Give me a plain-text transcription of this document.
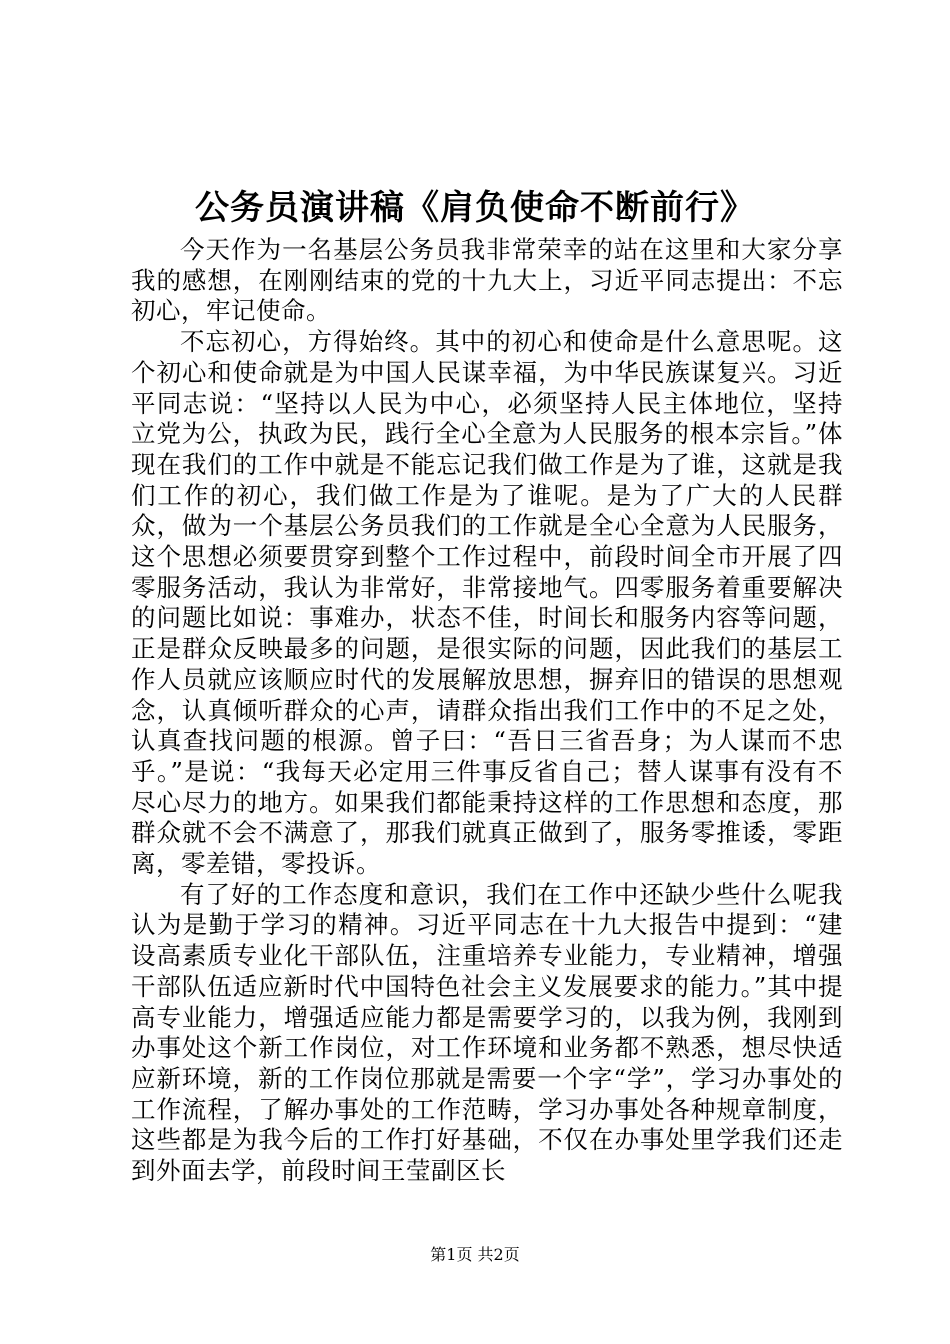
公务员演讲稿《肩负使命不断前行》

今天作为一名基层公务员我非常荣幸的站在这里和大家分享我的感想，在刚刚结束的党的十九大上，习近平同志提出：不忘初心，牢记使命。

不忘初心，方得始终。其中的初心和使命是什么意思呢。这个初心和使命就是为中国人民谋幸福，为中华民族谋复兴。习近平同志说：“坚持以人民为中心，必须坚持人民主体地位，坚持立党为公，执政为民，践行全心全意为人民服务的根本宗旨。”体现在我们的工作中就是不能忘记我们做工作是为了谁，这就是我们工作的初心，我们做工作是为了谁呢。是为了广大的人民群众，做为一个基层公务员我们的工作就是全心全意为人民服务，这个思想必须要贯穿到整个工作过程中，前段时间全市开展了四零服务活动，我认为非常好，非常接地气。四零服务着重要解决的问题比如说：事难办，状态不佳，时间长和服务内容等问题，正是群众反映最多的问题，是很实际的问题，因此我们的基层工作人员就应该顺应时代的发展解放思想，摒弃旧的错误的思想观念，认真倾听群众的心声，请群众指出我们工作中的不足之处，认真查找问题的根源。曾子曰：“吾日三省吾身；为人谋而不忠乎。”是说：“我每天必定用三件事反省自己；替人谋事有没有不尽心尽力的地方。如果我们都能秉持这样的工作思想和态度，那群众就不会不满意了，那我们就真正做到了，服务零推诿，零距离，零差错，零投诉。

有了好的工作态度和意识，我们在工作中还缺少些什么呢我认为是勤于学习的精神。习近平同志在十九大报告中提到：“建设高素质专业化干部队伍，注重培养专业能力，专业精神，增强干部队伍适应新时代中国特色社会主义发展要求的能力。”其中提高专业能力，增强适应能力都是需要学习的，以我为例，我刚到办事处这个新工作岗位，对工作环境和业务都不熟悉，想尽快适应新环境，新的工作岗位那就是需要一个字“学”，学习办事处的工作流程，了解办事处的工作范畴，学习办事处各种规章制度，这些都是为我今后的工作打好基础，不仅在办事处里学我们还走到外面去学，前段时间王莹副区长

第1页 共2页
